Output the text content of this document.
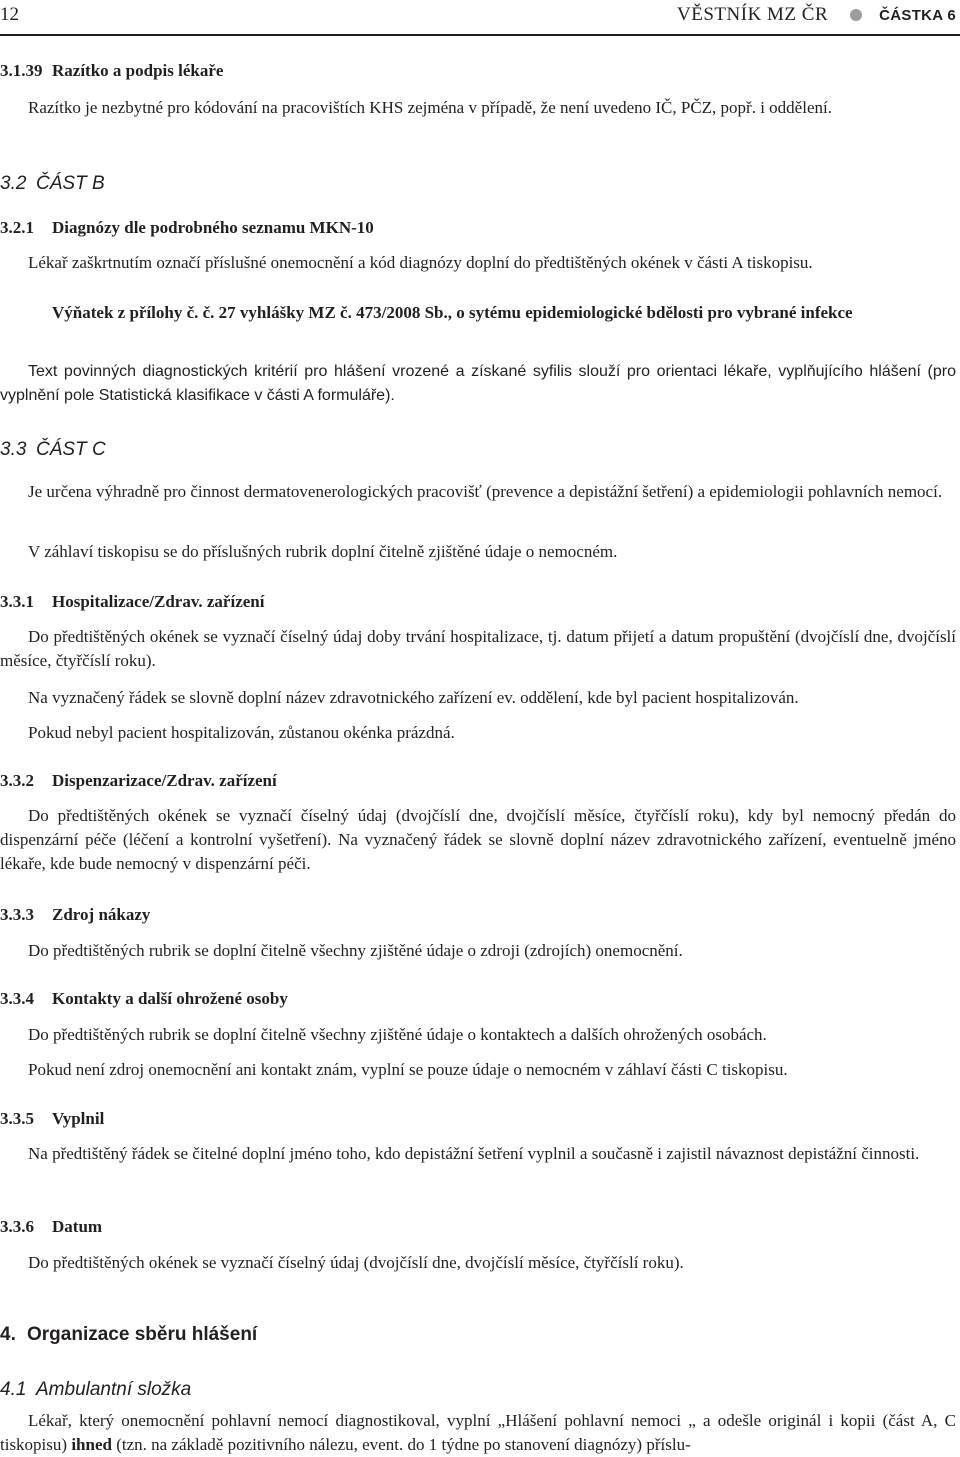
12	VĚSTNÍK MZ ČR	ČÁSTKA 6
3.1.39 Razítko a podpis lékaře
Razítko je nezbytné pro kódování na pracovištích KHS zejména v případě, že není uvedeno IČ, PČZ, popř. i oddělení.
3.2 ČÁST B
3.2.1 Diagnózy dle podrobného seznamu MKN-10
Lékař zaškrtnutím označí příslušné onemocnění a kód diagnózy doplní do předtištěných okének v části A tiskopisu.
Výňatek z přílohy č. č. 27 vyhlášky MZ č. 473/2008 Sb., o sytému epidemiologické bdělosti pro vybrané infekce
Text povinných diagnostických kritérií pro hlášení vrozené a získané syfilis slouží pro orientaci lékaře, vyplňujícího hlášení (pro vyplnění pole Statistická klasifikace v části A formuláře).
3.3 ČÁST C
Je určena výhradně pro činnost dermatovenerologických pracovišť (prevence a depistážní šetření) a epidemiologii pohlavních nemocí.
V záhlaví tiskopisu se do příslušných rubrik doplní čitelně zjištěné údaje o nemocném.
3.3.1 Hospitalizace/Zdrav. zařízení
Do předtištěných okének se vyznačí číselný údaj doby trvání hospitalizace, tj. datum přijetí a datum propuštění (dvojčíslí dne, dvojčíslí měsíce, čtyřčíslí roku).
Na vyznačený řádek se slovně doplní název zdravotnického zařízení ev. oddělení, kde byl pacient hospitalizován.
Pokud nebyl pacient hospitalizován, zůstanou okénka prázdná.
3.3.2 Dispenzarizace/Zdrav. zařízení
Do předtištěných okének se vyznačí číselný údaj (dvojčíslí dne, dvojčíslí měsíce, čtyřčíslí roku), kdy byl nemocný předán do dispenzární péče (léčení a kontrolní vyšetření). Na vyznačený řádek se slovně doplní název zdravotnického zařízení, eventuelně jméno lékaře, kde bude nemocný v dispenzární péči.
3.3.3 Zdroj nákazy
Do předtištěných rubrik se doplní čitelně všechny zjištěné údaje o zdroji (zdrojích) onemocnění.
3.3.4 Kontakty a další ohrožené osoby
Do předtištěných rubrik se doplní čitelně všechny zjištěné údaje o kontaktech a dalších ohrožených osobách.
Pokud není zdroj onemocnění ani kontakt znám, vyplní se pouze údaje o nemocném v záhlaví části C tiskopisu.
3.3.5 Vyplnil
Na předtištěný řádek se čitelné doplní jméno toho, kdo depistážní šetření vyplnil a současně i zajistil návaznost depistážní činnosti.
3.3.6 Datum
Do předtištěných okének se vyznačí číselný údaj (dvojčíslí dne, dvojčíslí měsíce, čtyřčíslí roku).
4. Organizace sběru hlášení
4.1 Ambulantní složka
Lékař, který onemocnění pohlavní nemocí diagnostikoval, vyplní „Hlášení pohlavní nemoci „ a odešle originál i kopii (část A, C tiskopisu) ihned (tzn. na základě pozitivního nálezu, event. do 1 týdne po stanovení diagnózy) příslu-
